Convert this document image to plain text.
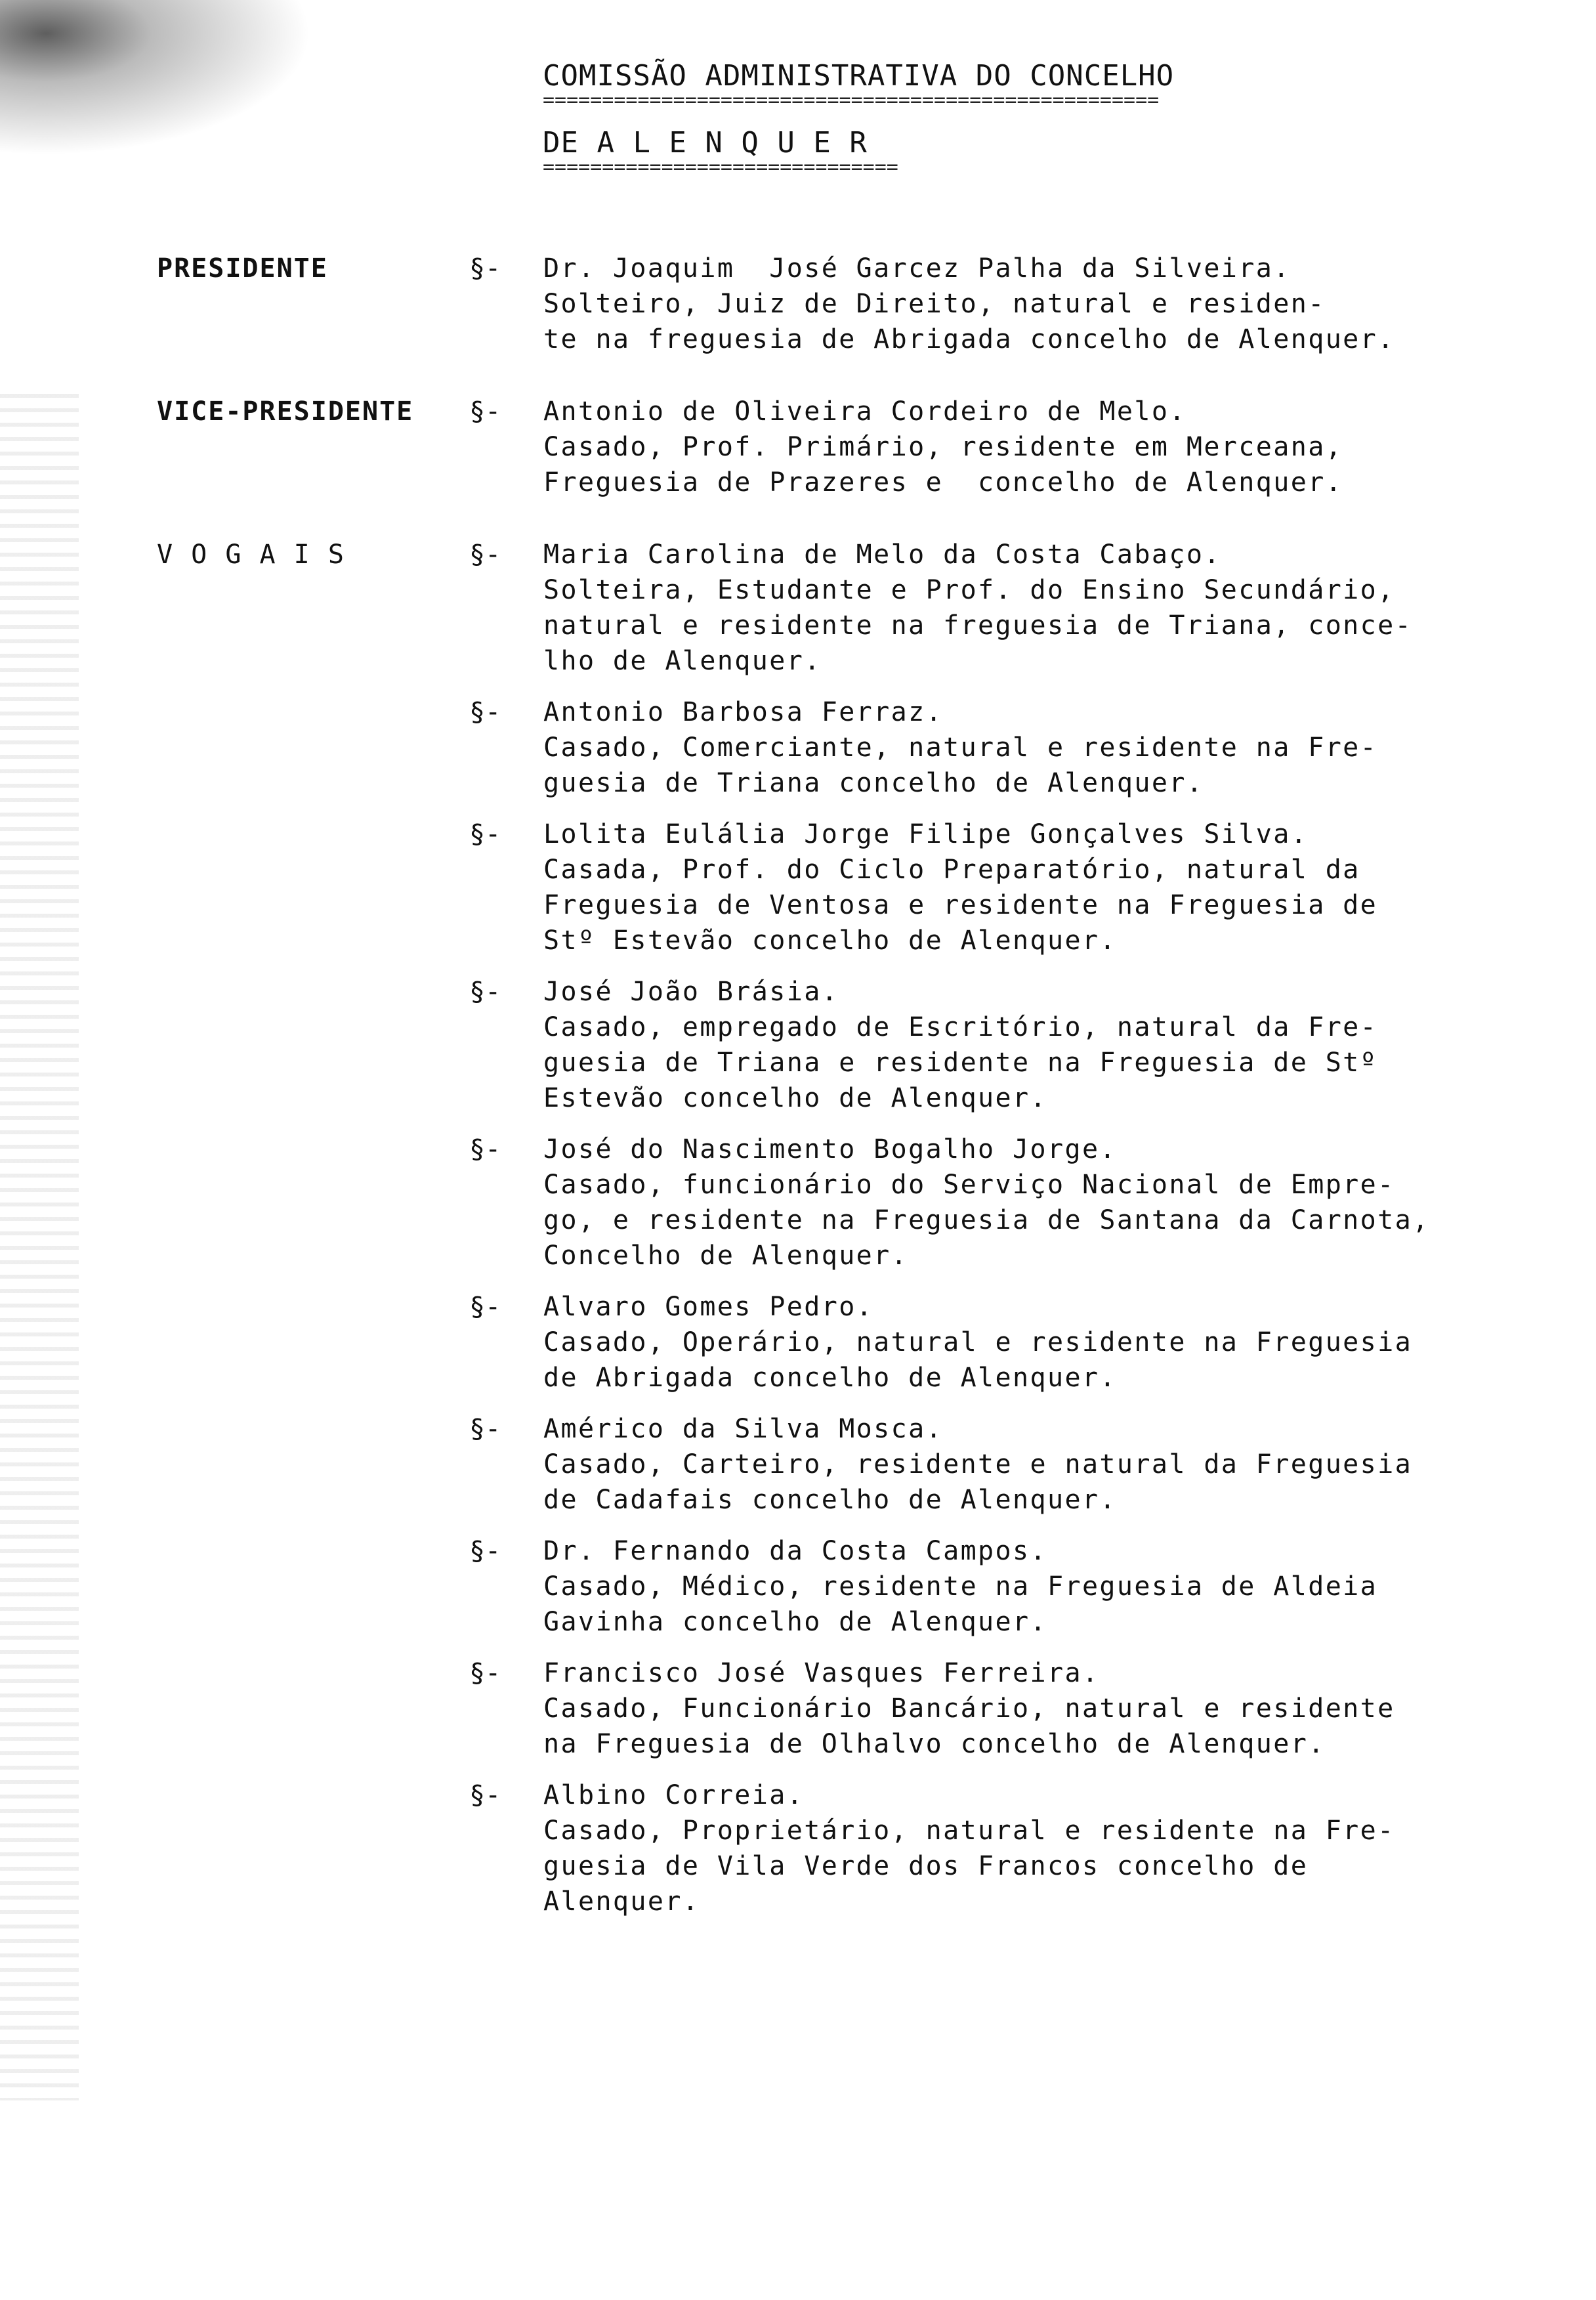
COMISSÃO ADMINISTRATIVA DO CONCELHO
====================================================
DE A L E N Q U E R
==============================
PRESIDENTE	§- Dr. Joaquim  José Garcez Palha da Silveira.
Solteiro, Juiz de Direito, natural e residen-
te na freguesia de Abrigada concelho de Alenquer.
VICE-PRESIDENTE §- Antonio de Oliveira Cordeiro de Melo.
Casado, Prof. Primário, residente em Merceana,
Freguesia de Prazeres e  concelho de Alenquer.
V O G A I S	§- Maria Carolina de Melo da Costa Cabaço.
Solteira, Estudante e Prof. do Ensino Secundário,
natural e residente na freguesia de Triana, conce-
lho de Alenquer.
§- Antonio Barbosa Ferraz.
Casado, Comerciante, natural e residente na Fre-
guesia de Triana concelho de Alenquer.
§- Lolita Eulália Jorge Filipe Gonçalves Silva.
Casada, Prof. do Ciclo Preparatório, natural da
Freguesia de Ventosa e residente na Freguesia de
Stº Estevão concelho de Alenquer.
§- José João Brásia.
Casado, empregado de Escritório, natural da Fre-
guesia de Triana e residente na Freguesia de Stº
Estevão concelho de Alenquer.
§- José do Nascimento Bogalho Jorge.
Casado, funcionário do Serviço Nacional de Empre-
go, e residente na Freguesia de Santana da Carnota,
Concelho de Alenquer.
§- Alvaro Gomes Pedro.
Casado, Operário, natural e residente na Freguesia
de Abrigada concelho de Alenquer.
§- Américo da Silva Mosca.
Casado, Carteiro, residente e natural da Freguesia
de Cadafais concelho de Alenquer.
§- Dr. Fernando da Costa Campos.
Casado, Médico, residente na Freguesia de Aldeia
Gavinha concelho de Alenquer.
§- Francisco José Vasques Ferreira.
Casado, Funcionário Bancário, natural e residente
na Freguesia de Olhalvo concelho de Alenquer.
§- Albino Correia.
Casado, Proprietário, natural e residente na Fre-
guesia de Vila Verde dos Francos concelho de
Alenquer.
